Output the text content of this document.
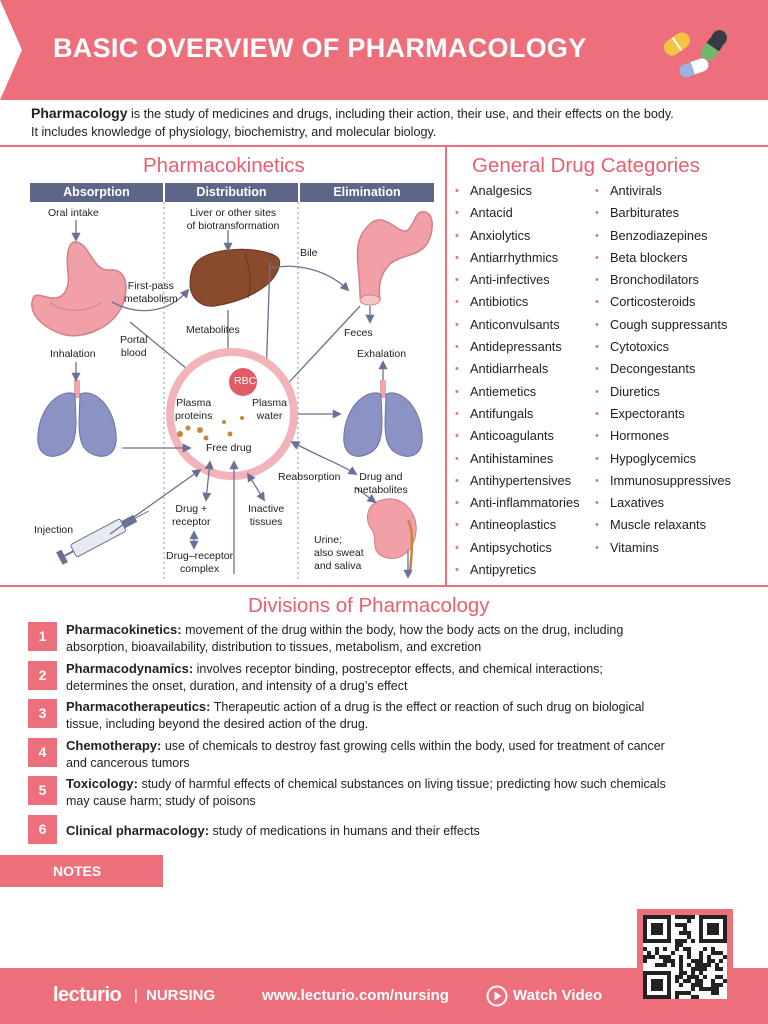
BASIC OVERVIEW OF PHARMACOLOGY
Pharmacology is the study of medicines and drugs, including their action, their use, and their effects on the body.
It includes knowledge of physiology, biochemistry, and molecular biology.
Pharmacokinetics
Absorption	Distribution	Elimination
Oral intake	Liver or other sites
of biotransformation
Bile
First-pass
metabolism
Metabolites	Feces
Portal
blood
Inhalation	Exhalation
RBC
Plasma
proteins
Plasma
water
Free drug
Reabsorption	Drug and
metabolites
Injection
Drug +
receptor
Inactive
tissues
Drug–receptor
complex
Urine;
also sweat
and saliva
General Drug Categories
• Analgesics
• Antacid
• Anxiolytics
• Antiarrhythmics
• Anti-infectives
• Antibiotics
• Anticonvulsants
• Antidepressants
• Antidiarrheals
• Antiemetics
• Antifungals
• Anticoagulants
• Antihistamines
• Antihypertensives
• Anti-inflammatories
• Antineoplastics
• Antipsychotics
• Antipyretics
• Antivirals
• Barbiturates
• Benzodiazepines
• Beta blockers
• Bronchodilators
• Corticosteroids
• Cough suppressants
• Cytotoxics
• Decongestants
• Diuretics
• Expectorants
• Hormones
• Hypoglycemics
• Immunosuppressives
• Laxatives
• Muscle relaxants
• Vitamins
Divisions of Pharmacology
1	Pharmacokinetics: movement of the drug within the body, how the body acts on the drug, including
absorption, bioavailability, distribution to tissues, metabolism, and excretion
2	Pharmacodynamics: involves receptor binding, postreceptor effects, and chemical interactions;
determines the onset, duration, and intensity of a drug’s effect
3	Pharmacotherapeutics: Therapeutic action of a drug is the effect or reaction of such drug on biological
tissue, including beyond the desired action of the drug.
4	Chemotherapy: use of chemicals to destroy fast growing cells within the body, used for treatment of cancer
and cancerous tumors
5	Toxicology: study of harmful effects of chemical substances on living tissue; predicting how such chemicals
may cause harm; study of poisons
6	Clinical pharmacology: study of medications in humans and their effects
NOTES
lecturio | NURSING	www.lecturio.com/nursing	Watch Video
